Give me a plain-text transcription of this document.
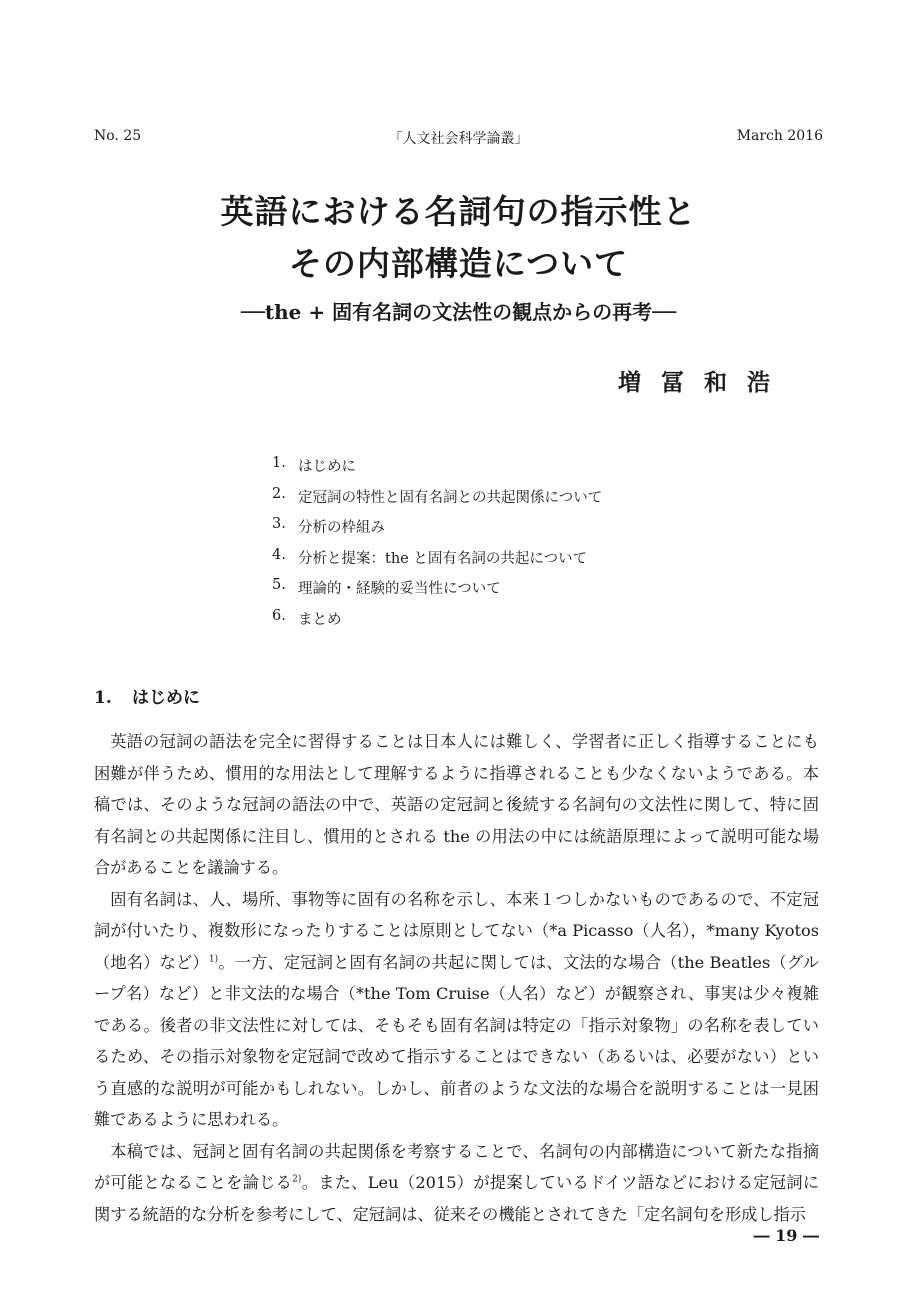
No. 25	「人文社会科学論叢」	March 2016
英語における名詞句の指示性と
その内部構造について
──the + 固有名詞の文法性の観点からの再考──
増冨和浩
1. はじめに
2. 定冠詞の特性と固有名詞との共起関係について
3. 分析の枠組み
4. 分析と提案：the と固有名詞の共起について
5. 理論的・経験的妥当性について
6. まとめ
1. はじめに

英語の冠詞の語法を完全に習得することは日本人には難しく、学習者に正しく指導することにも困難が伴うため、慣用的な用法として理解するように指導されることも少なくないようである。本稿では、そのような冠詞の語法の中で、英語の定冠詞と後続する名詞句の文法性に関して、特に固有名詞との共起関係に注目し、慣用的とされる the の用法の中には統語原理によって説明可能な場合があることを議論する。

固有名詞は、人、場所、事物等に固有の名称を示し、本来１つしかないものであるので、不定冠詞が付いたり、複数形になったりすることは原則としてない（*a Picasso（人名），*many Kyotos（地名）など）$^{1)}$。一方、定冠詞と固有名詞の共起に関しては、文法的な場合（the Beatles（グループ名）など）と非文法的な場合（*the Tom Cruise（人名）など）が観察され、事実は少々複雑である。後者の非文法性に対しては、そもそも固有名詞は特定の「指示対象物」の名称を表しているため、その指示対象物を定冠詞で改めて指示することはできない（あるいは、必要がない）という直感的な説明が可能かもしれない。しかし、前者のような文法的な場合を説明することは一見困難であるように思われる。

本稿では、冠詞と固有名詞の共起関係を考察することで、名詞句の内部構造について新たな指摘が可能となることを論じる$^{2)}$。また、Leu（2015）が提案しているドイツ語などにおける定冠詞に関する統語的な分析を参考にして、定冠詞は、従来その機能とされてきた「定名詞句を形成し指示

― 19 ―
